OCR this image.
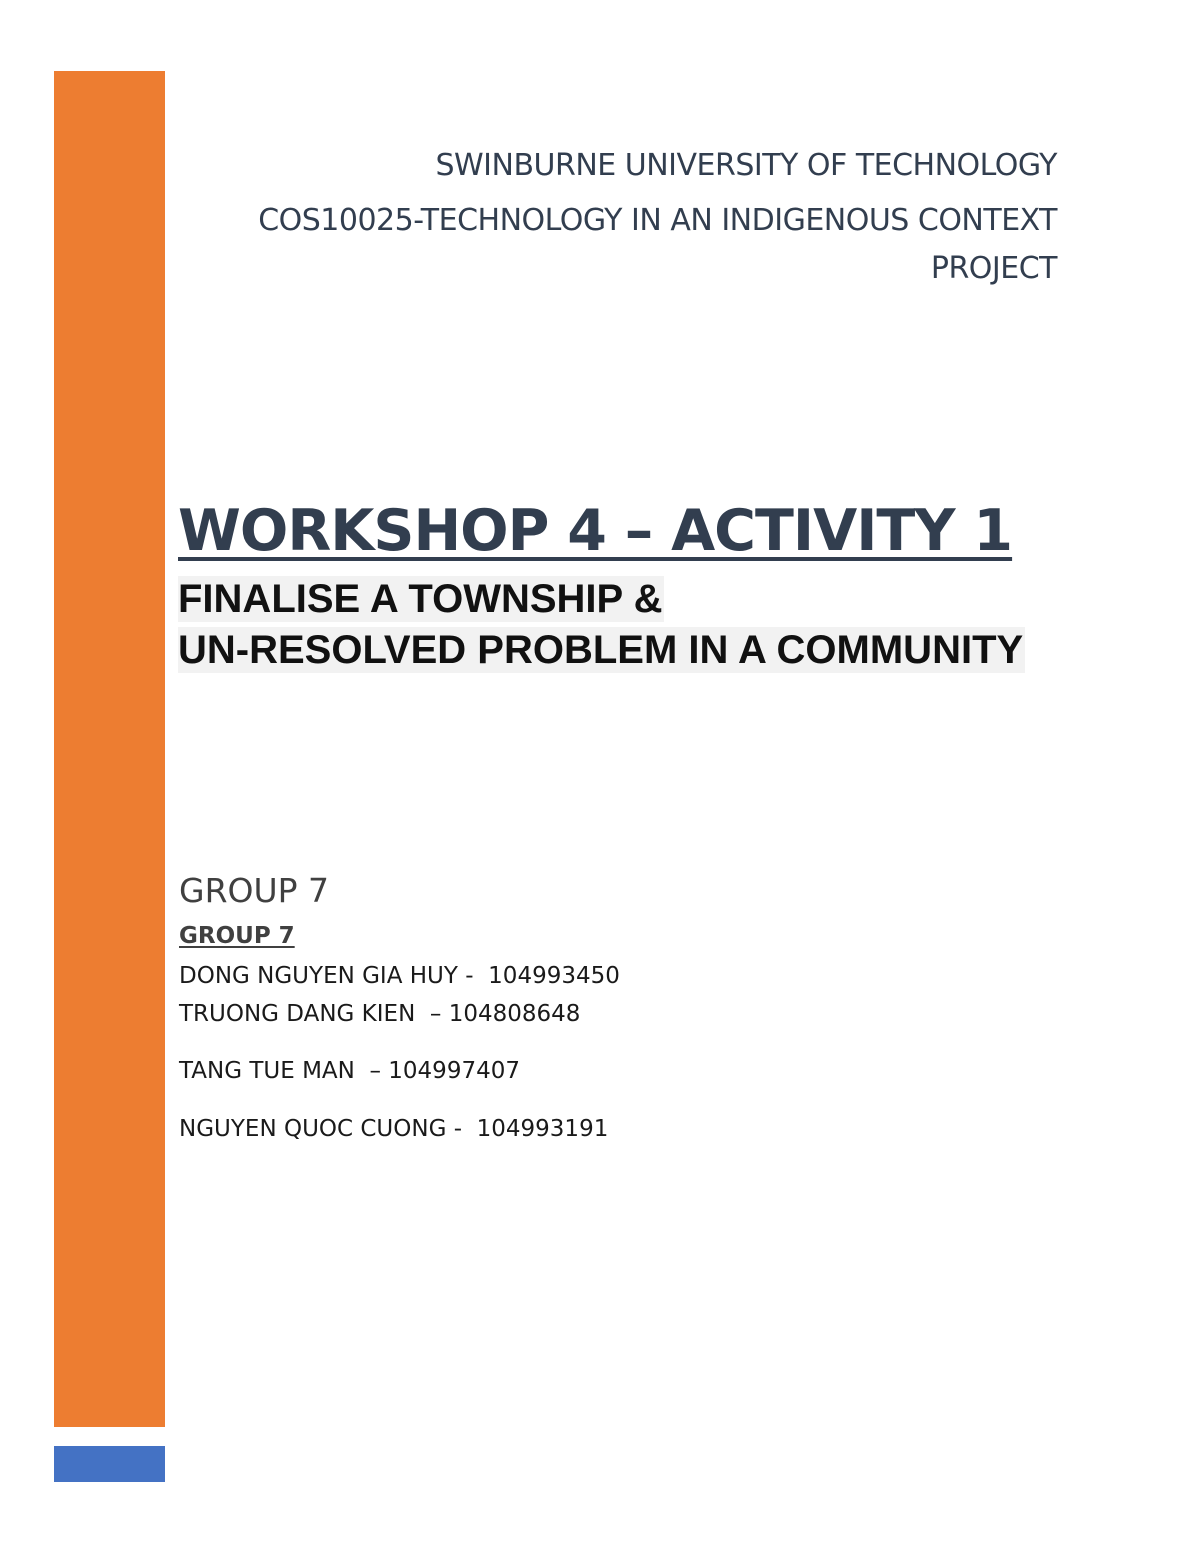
SWINBURNE UNIVERSITY OF TECHNOLOGY
COS10025-TECHNOLOGY IN AN INDIGENOUS CONTEXT
PROJECT
WORKSHOP 4 – ACTIVITY 1
FINALISE A TOWNSHIP &
UN-RESOLVED PROBLEM IN A COMMUNITY
GROUP 7
GROUP 7
DONG NGUYEN GIA HUY -  104993450
TRUONG DANG KIEN  – 104808648
TANG TUE MAN  – 104997407
NGUYEN QUOC CUONG -  104993191
